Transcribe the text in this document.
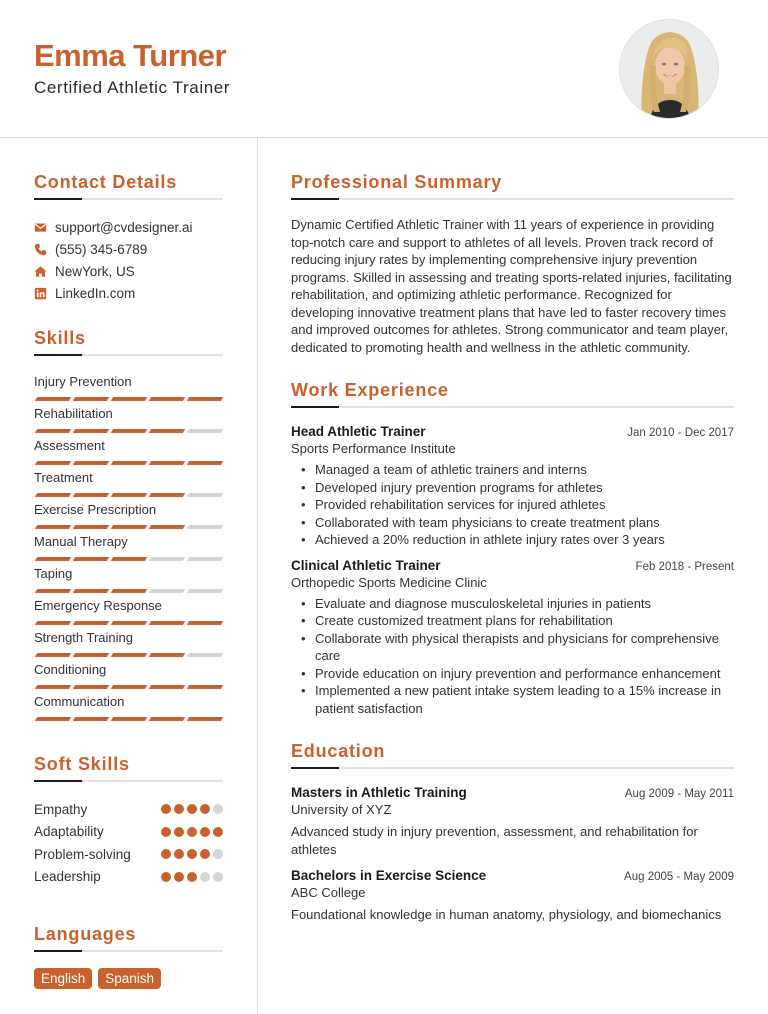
Emma Turner
Certified Athletic Trainer
Contact Details
support@cvdesigner.ai
(555) 345-6789
NewYork, US
LinkedIn.com
Skills
Injury Prevention
Rehabilitation
Assessment
Treatment
Exercise Prescription
Manual Therapy
Taping
Emergency Response
Strength Training
Conditioning
Communication
Soft Skills
Empathy
Adaptability
Problem-solving
Leadership
Languages
English	Spanish
Professional Summary

Dynamic Certified Athletic Trainer with 11 years of experience in providing top-notch care and support to athletes of all levels. Proven track record of reducing injury rates by implementing comprehensive injury prevention programs. Skilled in assessing and treating sports-related injuries, facilitating rehabilitation, and optimizing athletic performance. Recognized for developing innovative treatment plans that have led to faster recovery times and improved outcomes for athletes. Strong communicator and team player, dedicated to promoting health and wellness in the athletic community.

Work Experience
Head Athletic Trainer	Jan 2010 - Dec 2017
Sports Performance Institute
• Managed a team of athletic trainers and interns
• Developed injury prevention programs for athletes
• Provided rehabilitation services for injured athletes
• Collaborated with team physicians to create treatment plans
• Achieved a 20% reduction in athlete injury rates over 3 years
Clinical Athletic Trainer	Feb 2018 - Present
Orthopedic Sports Medicine Clinic
• Evaluate and diagnose musculoskeletal injuries in patients
• Create customized treatment plans for rehabilitation
• Collaborate with physical therapists and physicians for comprehensive care
• Provide education on injury prevention and performance enhancement
• Implemented a new patient intake system leading to a 15% increase in patient satisfaction
Education
Masters in Athletic Training	Aug 2009 - May 2011
University of XYZ
Advanced study in injury prevention, assessment, and rehabilitation for athletes
Bachelors in Exercise Science	Aug 2005 - May 2009
ABC College
Foundational knowledge in human anatomy, physiology, and biomechanics
